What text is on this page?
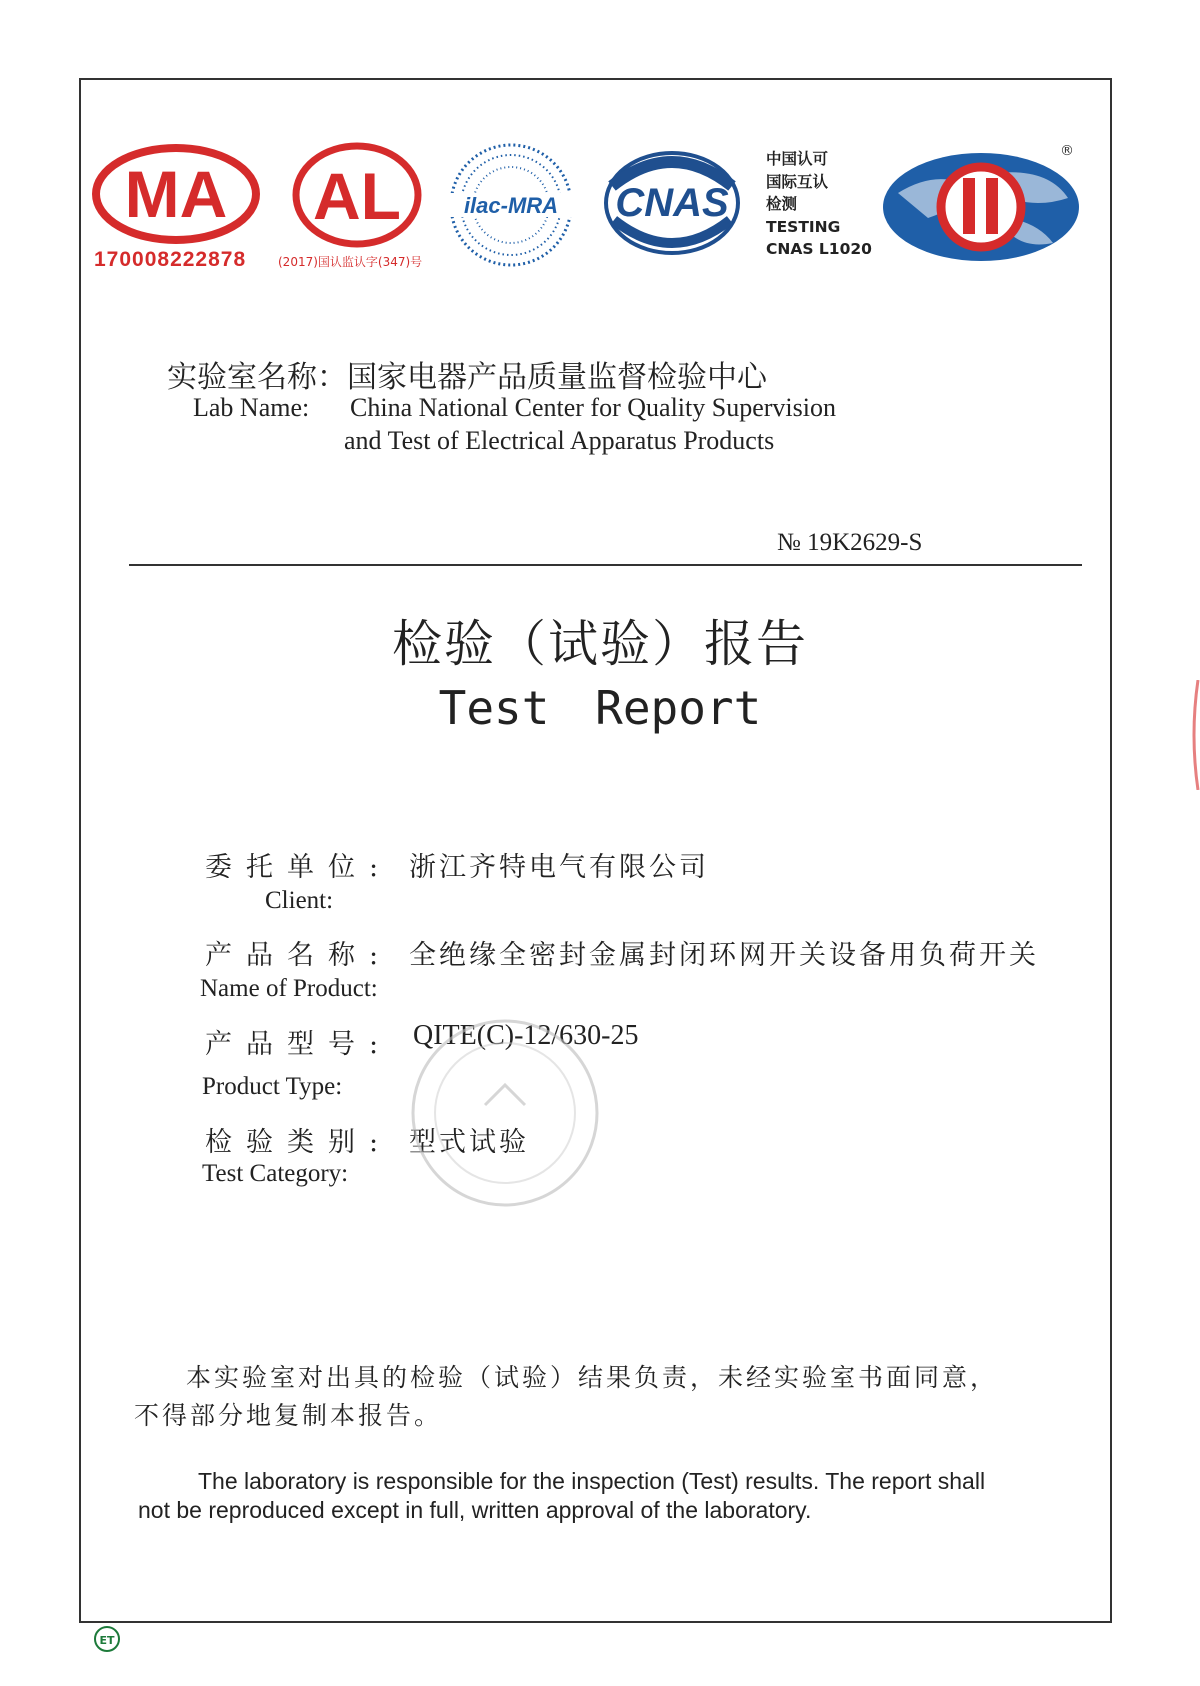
MA
170008222878
AL
(2017)国认监认字(347)号
ilac-MRA CNAS
中国认可
国际互认
检测
TESTING
CNAS L1020
®
实验室名称：国家电器产品质量监督检验中心
Lab Name: China National Center for Quality Supervision
and Test of Electrical Apparatus Products
№ 19K2629-S
检验（试验）报告
Test Report
委托单位: 浙江齐特电气有限公司
Client:
产品名称: 全绝缘全密封金属封闭环网开关设备用负荷开关
Name of Product:
产品型号: QITE(C)-12/630-25
Product Type:
检验类别: 型式试验
Test Category:
本实验室对出具的检验（试验）结果负责，未经实验室书面同意，
不得部分地复制本报告。
The laboratory is responsible for the inspection (Test) results. The report shall
not be reproduced except in full, written approval of the laboratory.
ET
